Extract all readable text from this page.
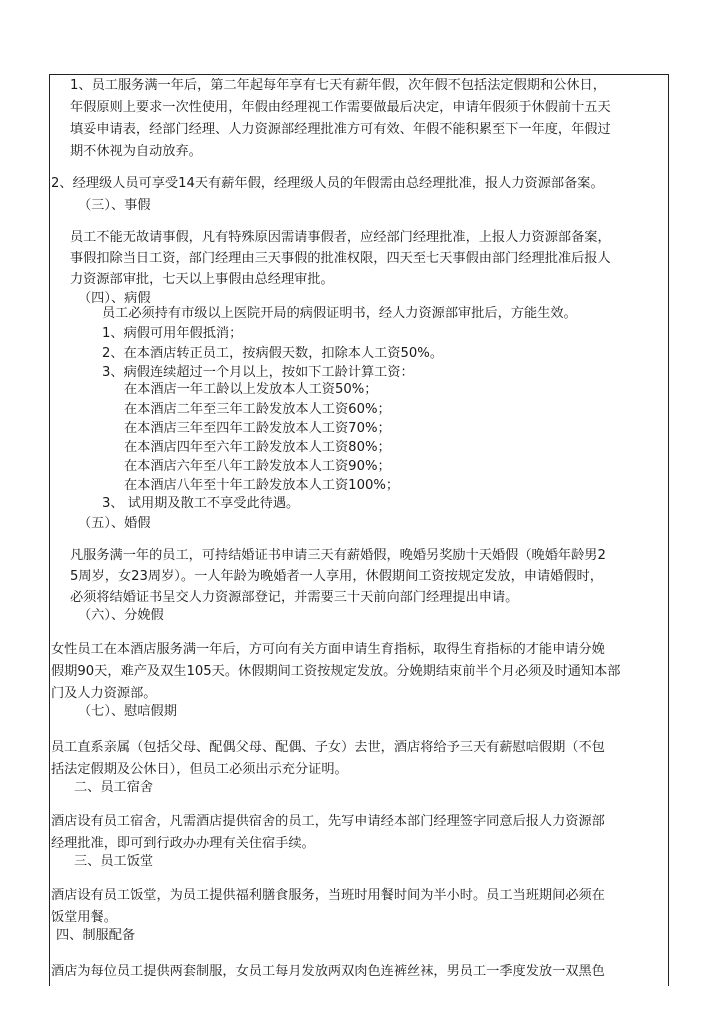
1、员工服务满一年后，第二年起每年享有七天有薪年假，次年假不包括法定假期和公休日，

年假原则上要求一次性使用，年假由经理视工作需要做最后决定，申请年假须于休假前十五天

填妥申请表，经部门经理、人力资源部经理批准方可有效、年假不能积累至下一年度，年假过

期不休视为自动放弃。

2、经理级人员可享受14天有薪年假，经理级人员的年假需由总经理批准，报人力资源部备案。

（三）、事假

员工不能无故请事假，凡有特殊原因需请事假者，应经部门经理批准，上报人力资源部备案，

事假扣除当日工资，部门经理由三天事假的批准权限，四天至七天事假由部门经理批准后报人

力资源部审批，七天以上事假由总经理审批。

（四）、病假

员工必须持有市级以上医院开局的病假证明书，经人力资源部审批后，方能生效。

1、病假可用年假抵消；

2、在本酒店转正员工，按病假天数，扣除本人工资50%。

3、病假连续超过一个月以上，按如下工龄计算工资：

在本酒店一年工龄以上发放本人工资50%；

在本酒店二年至三年工龄发放本人工资60%；

在本酒店三年至四年工龄发放本人工资70%；

在本酒店四年至六年工龄发放本人工资80%；

在本酒店六年至八年工龄发放本人工资90%；

在本酒店八年至十年工龄发放本人工资100%；

3、 试用期及散工不享受此待遇。

（五）、婚假

凡服务满一年的员工，可持结婚证书申请三天有薪婚假，晚婚另奖励十天婚假（晚婚年龄男2

5周岁，女23周岁）。一人年龄为晚婚者一人享用，休假期间工资按规定发放，申请婚假时，

必须将结婚证书呈交人力资源部登记，并需要三十天前向部门经理提出申请。

（六）、分娩假

女性员工在本酒店服务满一年后，方可向有关方面申请生育指标，取得生育指标的才能申请分娩

假期90天，难产及双生105天。休假期间工资按规定发放。分娩期结束前半个月必须及时通知本部

门及人力资源部。

（七）、慰唁假期

员工直系亲属（包括父母、配偶父母、配偶、子女）去世，酒店将给予三天有薪慰唁假期（不包

括法定假期及公休日），但员工必须出示充分证明。

二、员工宿舍

酒店设有员工宿舍，凡需酒店提供宿舍的员工，先写申请经本部门经理签字同意后报人力资源部

经理批准，即可到行政办办理有关住宿手续。

三、员工饭堂

酒店设有员工饭堂，为员工提供福利膳食服务，当班时用餐时间为半小时。员工当班期间必须在

饭堂用餐。

四、制服配备

酒店为每位员工提供两套制服，女员工每月发放两双肉色连裤丝袜，男员工一季度发放一双黑色
